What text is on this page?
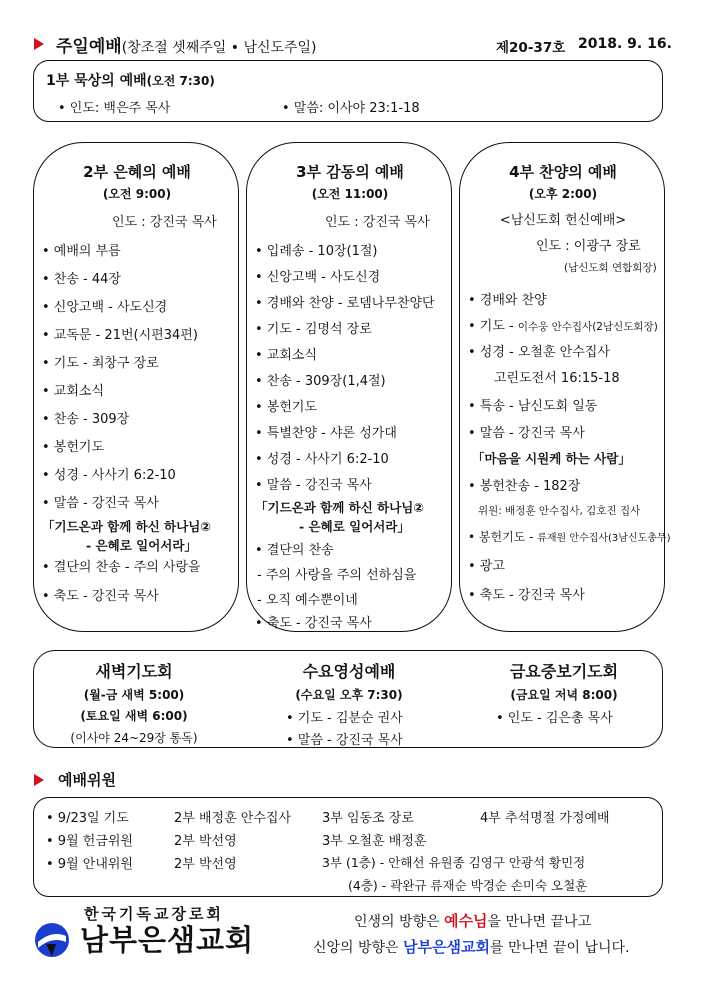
주일예배(창조절 셋째주일 • 남신도주일)	제20-37호 2018. 9. 16.
1부 묵상의 예배(오전 7:30)
• 인도: 백은주 목사	• 말씀: 이사야 23:1-18
2부 은혜의 예배
(오전 9:00)
인도 : 강진국 목사
• 예배의 부름
• 찬송 - 44장
• 신앙고백 - 사도신경
• 교독문 - 21번(시편34편)
• 기도 - 최창구 장로
• 교회소식
• 찬송 - 309장
• 봉헌기도
• 성경 - 사사기 6:2-10
• 말씀 - 강진국 목사
「기드온과 함께 하신 하나님②
- 은혜로 일어서라」
• 결단의 찬송 - 주의 사랑을
• 축도 - 강진국 목사
3부 감동의 예배
(오전 11:00)
인도 : 강진국 목사
• 입례송 - 10장(1절)
• 신앙고백 - 사도신경
• 경배와 찬양 - 로뎀나무찬양단
• 기도 - 김명석 장로
• 교회소식
• 찬송 - 309장(1,4절)
• 봉헌기도
• 특별찬양 - 샤론 성가대
• 성경 - 사사기 6:2-10
• 말씀 - 강진국 목사
「기드온과 함께 하신 하나님②
- 은혜로 일어서라」
• 결단의 찬송
- 주의 사랑을 주의 선하심을
- 오직 예수뿐이네
• 축도 - 강진국 목사
4부 찬양의 예배
(오후 2:00)
<남신도회 헌신예배>
인도 : 이광구 장로
(남신도회 연합회장)
• 경배와 찬양
• 기도 - 이수웅 안수집사(2남신도회장)
• 성경 - 오철훈 안수집사
고린도전서 16:15-18
• 특송 - 남신도회 일동
• 말씀 - 강진국 목사
「마음을 시원케 하는 사람」
• 봉헌찬송 - 182장
위원: 배정훈 안수집사, 김호진 집사
• 봉헌기도 - 류재원 안수집사(3남신도총무)
• 광고
• 축도 - 강진국 목사
새벽기도회
(월-금 새벽 5:00)
(토요일 새벽 6:00)
(이사야 24~29장 통독)
수요영성예배
(수요일 오후 7:30)
• 기도 - 김분순 권사
• 말씀 - 강진국 목사
금요중보기도회
(금요일 저녁 8:00)
• 인도 - 김은총 목사
예배위원
• 9/23일 기도	2부 배정훈 안수집사 3부 임동조 장로	4부 추석명절 가정예배
• 9월 헌금위원	2부 박선영	3부 오철훈 배정훈
• 9월 안내위원	2부 박선영	3부 (1층) - 안해선 유원종 김영구 안광석 황민정
(4층) - 곽완규 류재순 박경순 손미숙 오철훈
한국기독교장로회
남부은샘교회
인생의 방향은 예수님을 만나면 끝나고
신앙의 방향은 남부은샘교회를 만나면 끝이 납니다.
